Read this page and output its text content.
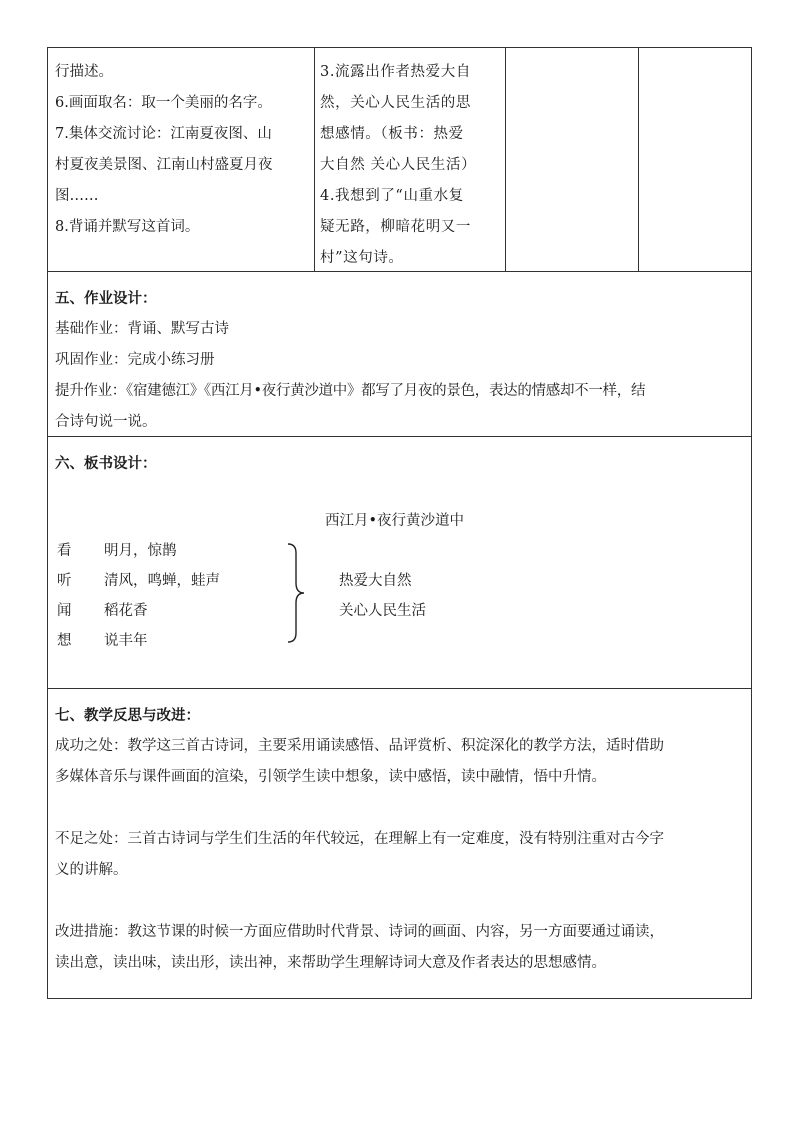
行描述。
6.画面取名：取一个美丽的名字。
7.集体交流讨论：江南夏夜图、山
村夏夜美景图、江南山村盛夏月夜
图……
8.背诵并默写这首词。
3.流露出作者热爱大自
然，关心人民生活的思
想感情。（板书：热爱
大自然 关心人民生活）
4.我想到了“山重水复
疑无路，柳暗花明又一
村”这句诗。
五、作业设计：
基础作业：背诵、默写古诗
巩固作业：完成小练习册
提升作业：《宿建德江》《西江月•夜行黄沙道中》都写了月夜的景色，表达的情感却不一样，结
合诗句说一说。
六、板书设计：
西江月•夜行黄沙道中
看 明月，惊鹊
听 清风，鸣蝉，蛙声
闻 稻花香
想 说丰年
热爱大自然
关心人民生活
七、教学反思与改进：
成功之处：教学这三首古诗词，主要采用诵读感悟、品评赏析、积淀深化的教学方法，适时借助
多媒体音乐与课件画面的渲染，引领学生读中想象，读中感悟，读中融情，悟中升情。

不足之处：三首古诗词与学生们生活的年代较远，在理解上有一定难度，没有特别注重对古今字
义的讲解。

改进措施：教这节课的时候一方面应借助时代背景、诗词的画面、内容，另一方面要通过诵读，
读出意，读出味，读出形，读出神，来帮助学生理解诗词大意及作者表达的思想感情。
